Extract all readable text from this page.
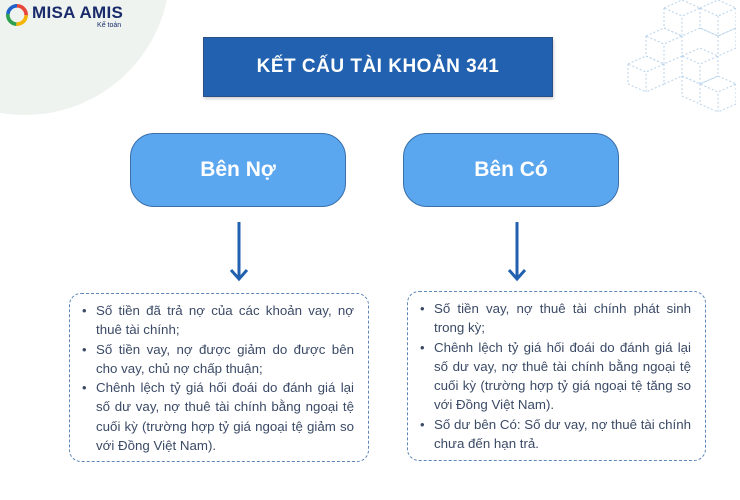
MISA AMIS
Kế toán
KẾT CẤU TÀI KHOẢN 341
Bên Nợ	Bên Có
• Số tiền đã trả nợ của các khoản vay, nợ thuê tài chính;
• Số tiền vay, nợ được giảm do được bên cho vay, chủ nợ chấp thuận;
• Chênh lệch tỷ giá hối đoái do đánh giá lại số dư vay, nợ thuê tài chính bằng ngoại tệ cuối kỳ (trường hợp tỷ giá ngoại tệ giảm so với Đồng Việt Nam).
• Số tiền vay, nợ thuê tài chính phát sinh trong kỳ;
• Chênh lệch tỷ giá hối đoái do đánh giá lại số dư vay, nợ thuê tài chính bằng ngoại tệ cuối kỳ (trường hợp tỷ giá ngoại tệ tăng so với Đồng Việt Nam).
• Số dư bên Có: Số dư vay, nợ thuê tài chính chưa đến hạn trả.
